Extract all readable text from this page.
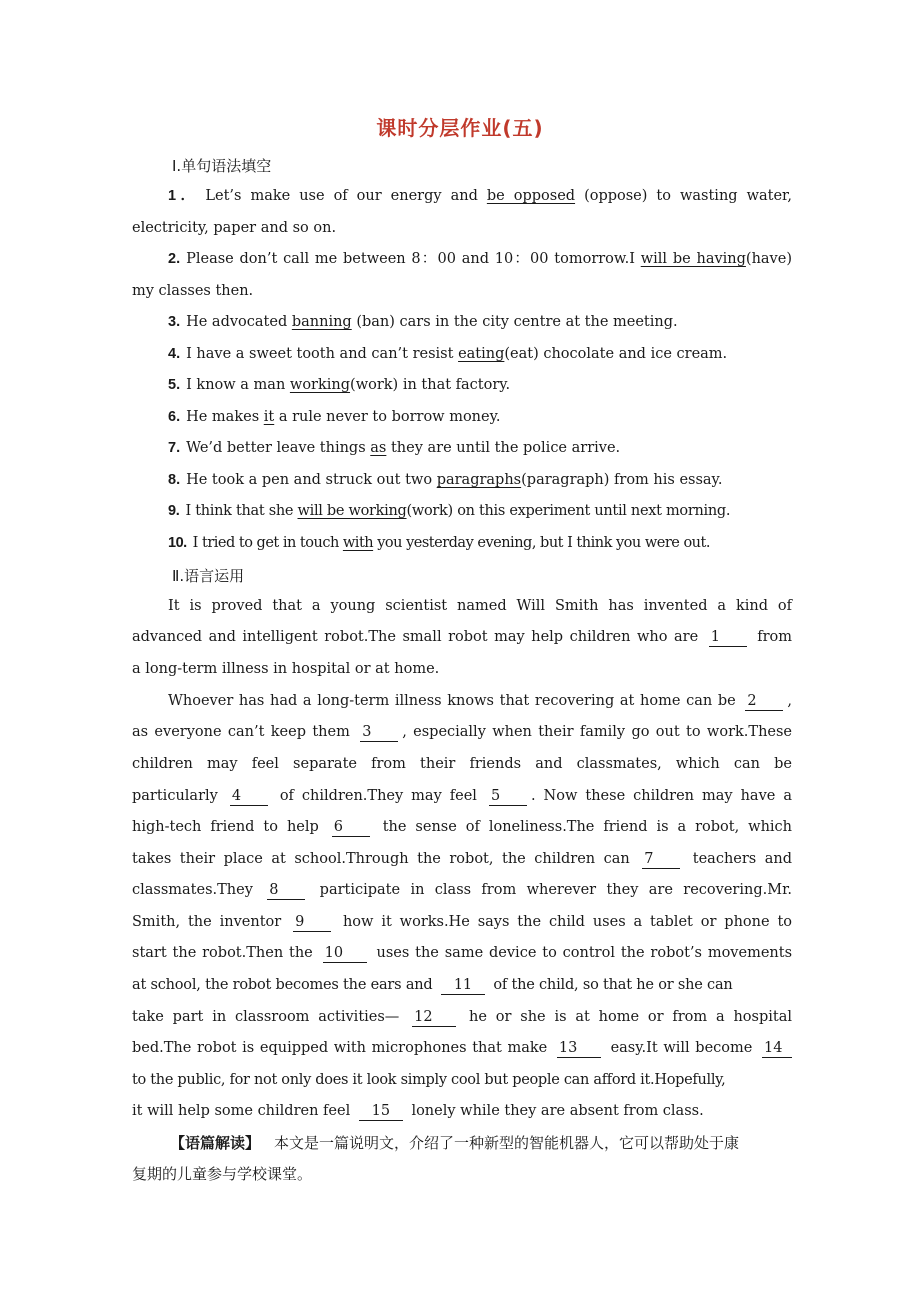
课时分层作业(五)
Ⅰ.单句语法填空
1． Let’s make use of our energy and be opposed (oppose) to wasting water,
electricity, paper and so on.
2. Please don’t call me between 8：00 and 10：00 tomorrow.I will be having(have)
my classes then.
3. He advocated banning (ban) cars in the city centre at the meeting.
4. I have a sweet tooth and can’t resist eating(eat) chocolate and ice cream.
5. I know a man working(work) in that factory.
6. He makes it a rule never to borrow money.
7. We’d better leave things as they are until the police arrive.
8. He took a pen and struck out two paragraphs(paragraph) from his essay.
9. I think that she will be working(work) on this experiment until next morning.
10. I tried to get in touch with you yesterday evening, but I think you were out.
Ⅱ.语言运用
It is proved that a young scientist named Will Smith has invented a kind of
advanced and intelligent robot.The small robot may help children who are 1	from
a long-term illness in hospital or at home.
Whoever has had a long-term illness knows that recovering at home can be 2 ,
as everyone can’t keep them 3 , especially when their family go out to work.These
children may feel separate from their friends and classmates, which can be
particularly 4	of children.They may feel 5 . Now these children may have a
high-tech friend to help 6	the sense of loneliness.The friend is a robot, which
takes their place at school.Through the robot, the children can 7	teachers and
classmates.They 8	participate in class from wherever they are recovering.Mr.
Smith, the inventor 9	how it works.He says the child uses a tablet or phone to
start the robot.Then the 10 uses the same device to control the robot’s movements
at school, the robot becomes the ears and 11 of the child, so that he or she can
take part in classroom activities— 12	he or she is at home or from a hospital
bed.The robot is equipped with microphones that make 13 easy.It will become 14
to the public, for not only does it look simply cool but people can afford it.Hopefully,
it will help some children feel 15 lonely while they are absent from class.
【语篇解读】 本文是一篇说明文，介绍了一种新型的智能机器人，它可以帮助处于康
复期的儿童参与学校课堂。
